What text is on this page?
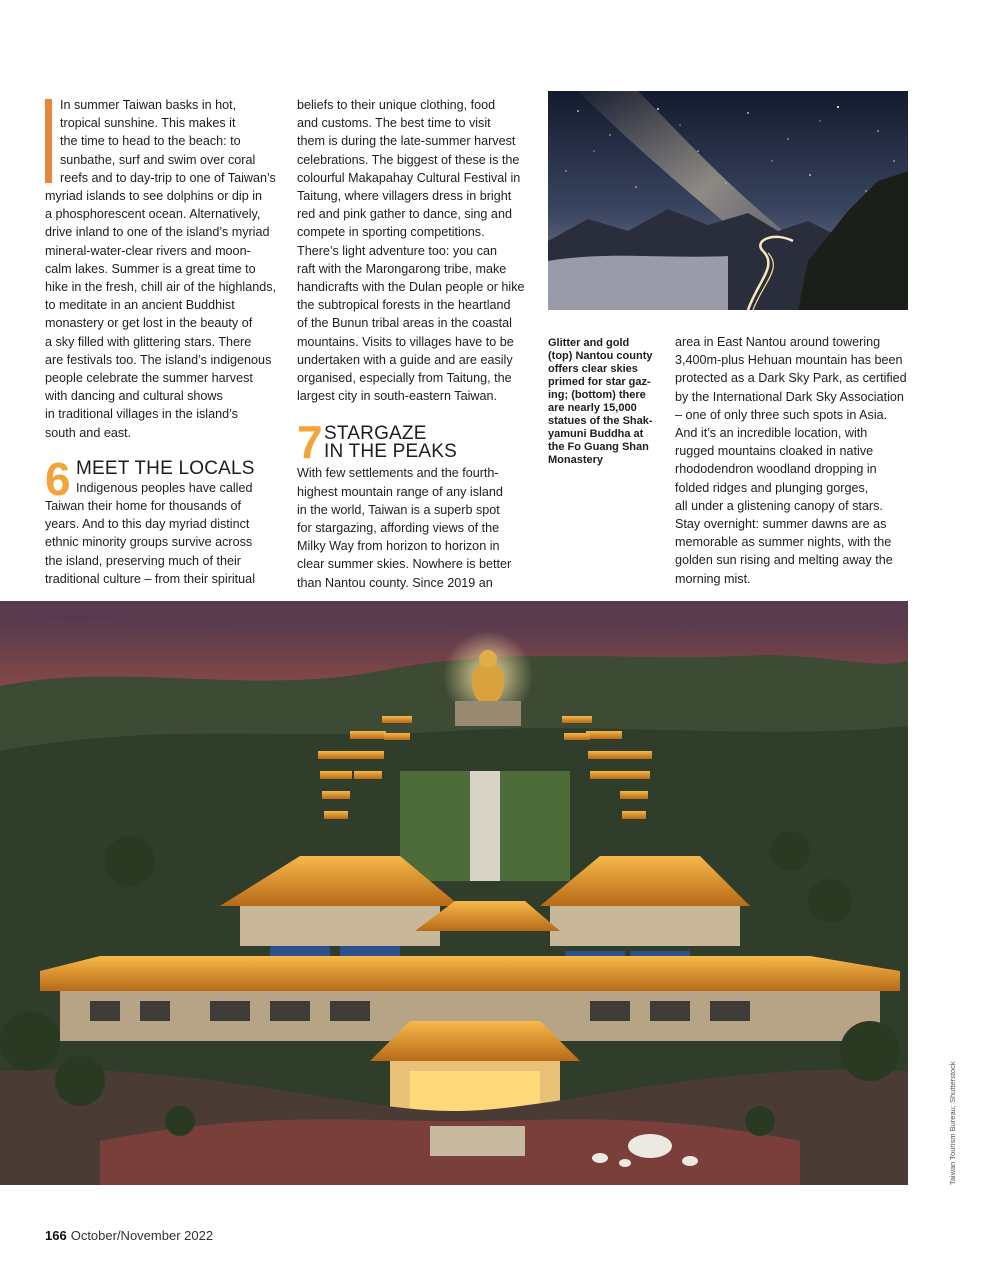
In summer Taiwan basks in hot,

tropical sunshine. This makes it

the time to head to the beach: to

sunbathe, surf and swim over coral

reefs and to day-trip to one of Taiwan’s

myriad islands to see dolphins or dip in

a phosphorescent ocean. Alternatively,

drive inland to one of the island’s myriad

mineral-water-clear rivers and moon-

calm lakes. Summer is a great time to

hike in the fresh, chill air of the highlands,

to meditate in an ancient Buddhist

monastery or get lost in the beauty of

a sky filled with glittering stars. There

are festivals too. The island’s indigenous

people celebrate the summer harvest

with dancing and cultural shows

in traditional villages in the island’s

south and east.

6 MEET THE LOCALS

Indigenous peoples have called

Taiwan their home for thousands of

years. And to this day myriad distinct

ethnic minority groups survive across

the island, preserving much of their

traditional culture – from their spiritual

beliefs to their unique clothing, food

and customs. The best time to visit

them is during the late-summer harvest

celebrations. The biggest of these is the

colourful Makapahay Cultural Festival in

Taitung, where villagers dress in bright

red and pink gather to dance, sing and

compete in sporting competitions.

There’s light adventure too: you can

raft with the Marongarong tribe, make

handicrafts with the Dulan people or hike

the subtropical forests in the heartland

of the Bunun tribal areas in the coastal

mountains. Visits to villages have to be

undertaken with a guide and are easily

organised, especially from Taitung, the

largest city in south-eastern Taiwan.

7 STARGAZE
IN THE PEAKS

With few settlements and the fourth-

highest mountain range of any island

in the world, Taiwan is a superb spot

for stargazing, affording views of the

Milky Way from horizon to horizon in

clear summer skies. Nowhere is better

than Nantou county. Since 2019 an

Glitter and gold
(top) Nantou county
offers clear skies
primed for star gaz-
ing; (bottom) there
are nearly 15,000
statues of the Shak-
yamuni Buddha at
the Fo Guang Shan
Monastery

area in East Nantou around towering

3,400m-plus Hehuan mountain has been

protected as a Dark Sky Park, as certified

by the International Dark Sky Association

– one of only three such spots in Asia.

And it’s an incredible location, with

rugged mountains cloaked in native

rhododendron woodland dropping in

folded ridges and plunging gorges,

all under a glistening canopy of stars.

Stay overnight: summer dawns are as

memorable as summer nights, with the

golden sun rising and melting away the

morning mist.

Taiwan Tourism Bureau; Shutterstock
166 October/November 2022
